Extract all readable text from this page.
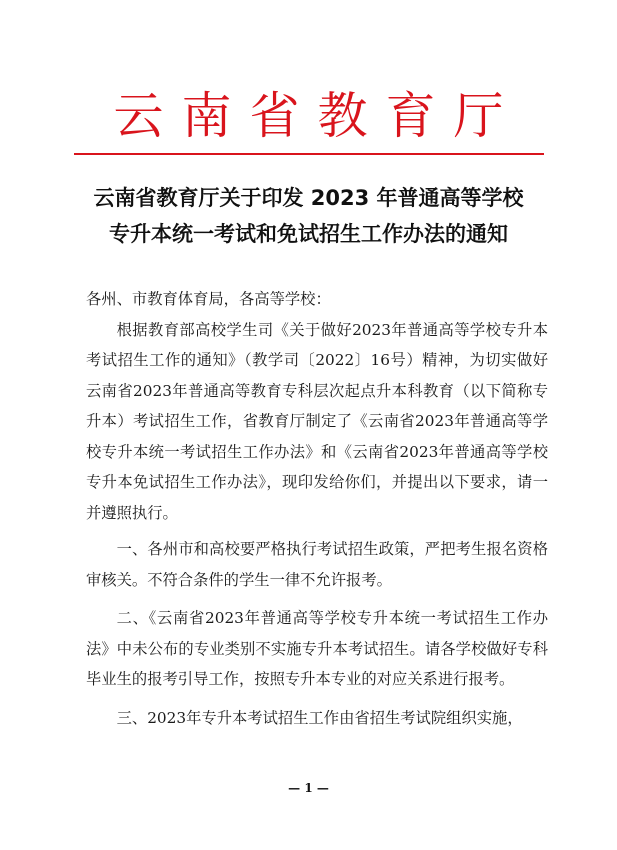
云南省教育厅
云南省教育厅关于印发 2023 年普通高等学校
专升本统一考试和免试招生工作办法的通知

各州、市教育体育局，各高等学校：

根据教育部高校学生司《关于做好2023年普通高等学校专升本考试招生工作的通知》（教学司〔2022〕16号）精神，为切实做好云南省2023年普通高等教育专科层次起点升本科教育（以下简称专升本）考试招生工作，省教育厅制定了《云南省2023年普通高等学校专升本统一考试招生工作办法》和《云南省2023年普通高等学校专升本免试招生工作办法》，现印发给你们，并提出以下要求，请一并遵照执行。

一、各州市和高校要严格执行考试招生政策，严把考生报名资格审核关。不符合条件的学生一律不允许报考。

二、《云南省2023年普通高等学校专升本统一考试招生工作办法》中未公布的专业类别不实施专升本考试招生。请各学校做好专科毕业生的报考引导工作，按照专升本专业的对应关系进行报考。

三、2023年专升本考试招生工作由省招生考试院组织实施，

— 1 —
